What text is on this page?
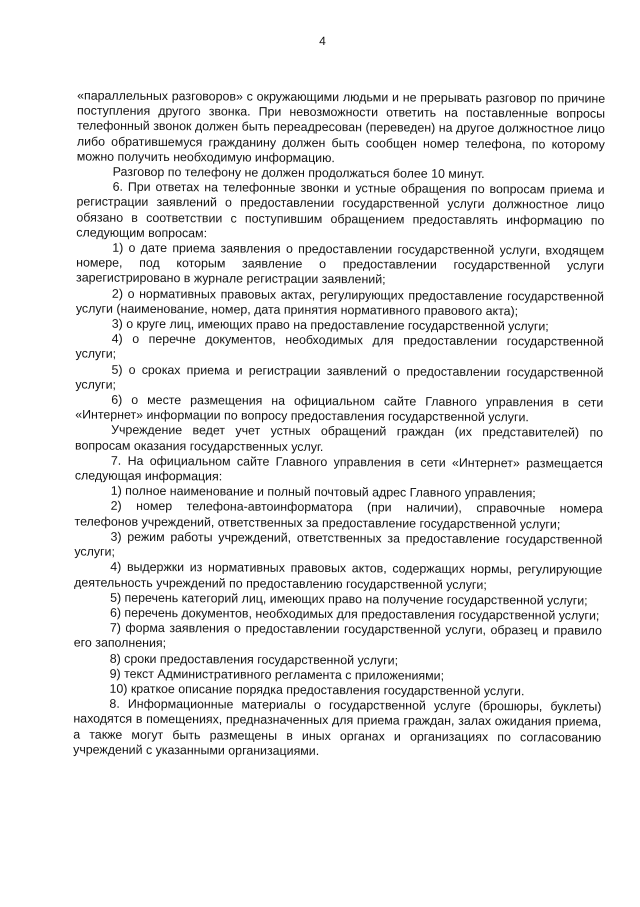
4

«параллельных разговоров» с окружающими людьми и не прерывать разговор по причине поступления другого звонка. При невозможности ответить на поставленные вопросы телефонный звонок должен быть переадресован (переведен) на другое должностное лицо либо обратившемуся гражданину должен быть сообщен номер телефона, по которому можно получить необходимую информацию.

Разговор по телефону не должен продолжаться более 10 минут.

6. При ответах на телефонные звонки и устные обращения по вопросам приема и регистрации заявлений о предоставлении государственной услуги должностное лицо обязано в соответствии с поступившим обращением предоставлять информацию по следующим вопросам:

1) о дате приема заявления о предоставлении государственной услуги, входящем номере, под которым заявление о предоставлении государственной услуги зарегистрировано в журнале регистрации заявлений;

2) о нормативных правовых актах, регулирующих предоставление государственной услуги (наименование, номер, дата принятия нормативного правового акта);

3) о круге лиц, имеющих право на предоставление государственной услуги;

4) о перечне документов, необходимых для предоставлении государственной услуги;

5) о сроках приема и регистрации заявлений о предоставлении государственной услуги;

6) о месте размещения на официальном сайте Главного управления в сети «Интернет» информации по вопросу предоставления государственной услуги.

Учреждение ведет учет устных обращений граждан (их представителей) по вопросам оказания государственных услуг.

7. На официальном сайте Главного управления в сети «Интернет» размещается следующая информация:

1) полное наименование и полный почтовый адрес Главного управления;

2) номер телефона-автоинформатора (при наличии), справочные номера телефонов учреждений, ответственных за предоставление государственной услуги;

3) режим работы учреждений, ответственных за предоставление государственной услуги;

4) выдержки из нормативных правовых актов, содержащих нормы, регулирующие деятельность учреждений по предоставлению государственной услуги;

5) перечень категорий лиц, имеющих право на получение государственной услуги;

6) перечень документов, необходимых для предоставления государственной услуги;

7) форма заявления о предоставлении государственной услуги, образец и правило его заполнения;

8) сроки предоставления государственной услуги;

9) текст Административного регламента с приложениями;

10) краткое описание порядка предоставления государственной услуги.

8. Информационные материалы о государственной услуге (брошюры, буклеты) находятся в помещениях, предназначенных для приема граждан, залах ожидания приема, а также могут быть размещены в иных органах и организациях по согласованию учреждений с указанными организациями.
